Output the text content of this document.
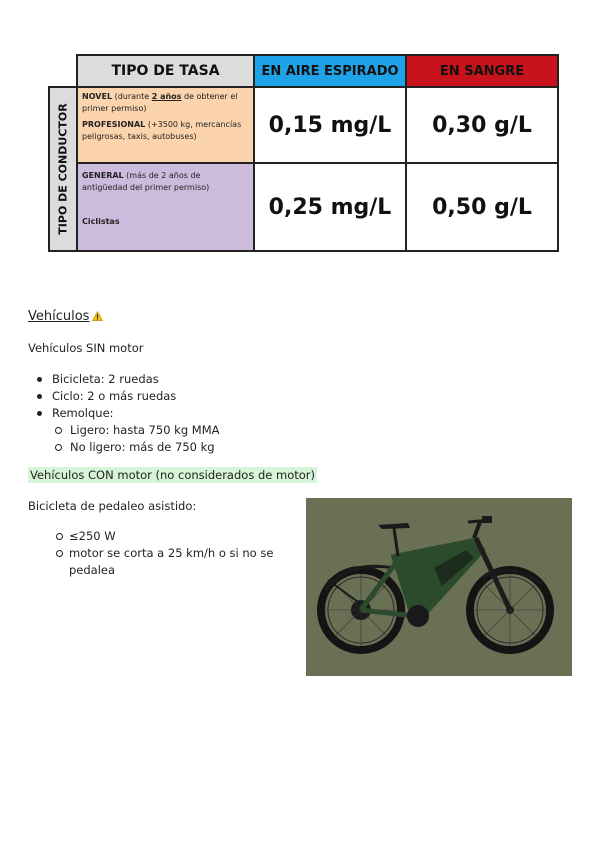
	TIPO DE TASA	EN AIRE ESPIRADO	EN SANGRE

TIPO DE CONDUCTOR	NOVEL (durante 2 años de obtener el
primer permiso)
PROFESIONAL (+3500 kg, mercancías
peligrosas, taxis, autobuses)	0,15 mg/L	0,30 g/L

	GENERAL (más de 2 años de
antigüedad del primer permiso)
Ciclistas	0,25 mg/L	0,50 g/L
Vehículos
Vehículos SIN motor
Bicicleta: 2 ruedas
Ciclo: 2 o más ruedas
Remolque:
Ligero: hasta 750 kg MMA
No ligero: más de 750 kg
Vehículos CON motor (no considerados de motor)
Bicicleta de pedaleo asistido:
≤250 W
motor se corta a 25 km/h o si no se
pedalea
